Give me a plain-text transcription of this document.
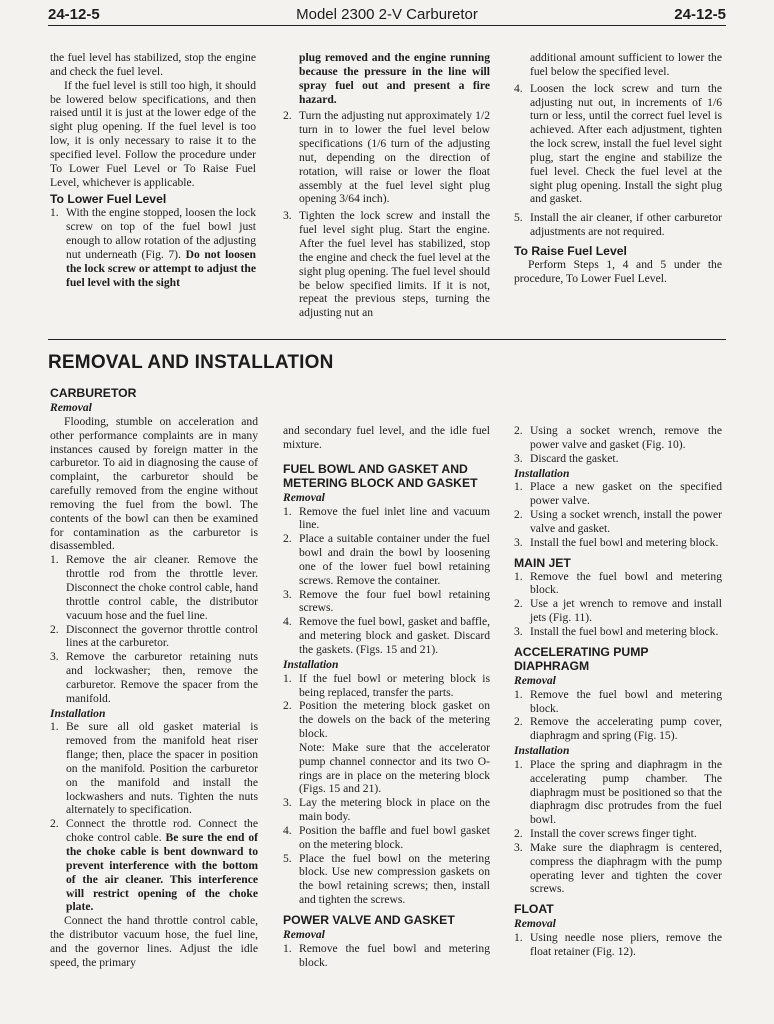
24-12-5	Model 2300 2-V Carburetor	24-12-5

the fuel level has stabilized, stop the engine and check the fuel level.

If the fuel level is still too high, it should be lowered below specifications, and then raised until it is just at the lower edge of the sight plug opening. If the fuel level is too low, it is only necessary to raise it to the specified level. Follow the procedure under To Lower Fuel Level or To Raise Fuel Level, whichever is applicable.

To Lower Fuel Level
1. With the engine stopped, loosen the lock screw on top of the fuel bowl just enough to allow rotation of the adjusting nut underneath (Fig. 7). Do not loosen the lock screw or attempt to adjust the fuel level with the sight
plug removed and the engine running because the pressure in the line will spray fuel out and present a fire hazard.
2. Turn the adjusting nut approximately 1/2 turn in to lower the fuel level below specifications (1/6 turn of the adjusting nut, depending on the direction of rotation, will raise or lower the float assembly at the fuel level sight plug opening 3/64 inch).
3. Tighten the lock screw and install the fuel level sight plug. Start the engine. After the fuel level has stabilized, stop the engine and check the fuel level at the sight plug opening. The fuel level should be below specified limits. If it is not, repeat the previous steps, turning the adjusting nut an
additional amount sufficient to lower the fuel below the specified level.
4. Loosen the lock screw and turn the adjusting nut out, in increments of 1/6 turn or less, until the correct fuel level is achieved. After each adjustment, tighten the lock screw, install the fuel level sight plug, start the engine and stabilize the fuel level. Check the fuel level at the sight plug opening. Install the sight plug and gasket.
5. Install the air cleaner, if other carburetor adjustments are not required.
To Raise Fuel Level

Perform Steps 1, 4 and 5 under the procedure, To Lower Fuel Level.

REMOVAL AND INSTALLATION
CARBURETOR
Removal

Flooding, stumble on acceleration and other performance complaints are in many instances caused by foreign matter in the carburetor. To aid in diagnosing the cause of complaint, the carburetor should be carefully removed from the engine without removing the fuel from the bowl. The contents of the bowl can then be examined for contamination as the carburetor is disassembled.

1. Remove the air cleaner. Remove the throttle rod from the throttle lever. Disconnect the choke control cable, hand throttle control cable, the distributor vacuum hose and the fuel line.
2. Disconnect the governor throttle control lines at the carburetor.
3. Remove the carburetor retaining nuts and lockwasher; then, remove the carburetor. Remove the spacer from the manifold.
Installation
1. Be sure all old gasket material is removed from the manifold heat riser flange; then, place the spacer in position on the manifold. Position the carburetor on the manifold and install the lockwashers and nuts. Tighten the nuts alternately to specification.
2. Connect the throttle rod. Connect the choke control cable. Be sure the end of the choke cable is bent downward to prevent interference with the bottom of the air cleaner. This interference will restrict opening of the choke plate.

Connect the hand throttle control cable, the distributor vacuum hose, the fuel line, and the governor lines. Adjust the idle speed, the primary

and secondary fuel level, and the idle fuel mixture.

FUEL BOWL AND GASKET AND METERING BLOCK AND GASKET
Removal
1. Remove the fuel inlet line and vacuum line.
2. Place a suitable container under the fuel bowl and drain the bowl by loosening one of the lower fuel bowl retaining screws. Remove the container.
3. Remove the four fuel bowl retaining screws.
4. Remove the fuel bowl, gasket and baffle, and metering block and gasket. Discard the gaskets. (Figs. 15 and 21).
Installation
1. If the fuel bowl or metering block is being replaced, transfer the parts.
2. Position the metering block gasket on the dowels on the back of the metering block.
Note: Make sure that the accelerator pump channel connector and its two O-rings are in place on the metering block (Figs. 15 and 21).
3. Lay the metering block in place on the main body.
4. Position the baffle and fuel bowl gasket on the metering block.
5. Place the fuel bowl on the metering block. Use new compression gaskets on the bowl retaining screws; then, install and tighten the screws.
POWER VALVE AND GASKET
Removal
1. Remove the fuel bowl and metering block.
2. Using a socket wrench, remove the power valve and gasket (Fig. 10).
3. Discard the gasket.
Installation
1. Place a new gasket on the specified power valve.
2. Using a socket wrench, install the power valve and gasket.
3. Install the fuel bowl and metering block.
MAIN JET
1. Remove the fuel bowl and metering block.
2. Use a jet wrench to remove and install jets (Fig. 11).
3. Install the fuel bowl and metering block.
ACCELERATING PUMP DIAPHRAGM
Removal
1. Remove the fuel bowl and metering block.
2. Remove the accelerating pump cover, diaphragm and spring (Fig. 15).
Installation
1. Place the spring and diaphragm in the accelerating pump chamber. The diaphragm must be positioned so that the diaphragm disc protrudes from the fuel bowl.
2. Install the cover screws finger tight.
3. Make sure the diaphragm is centered, compress the diaphragm with the pump operating lever and tighten the cover screws.
FLOAT
Removal
1. Using needle nose pliers, remove the float retainer (Fig. 12).
